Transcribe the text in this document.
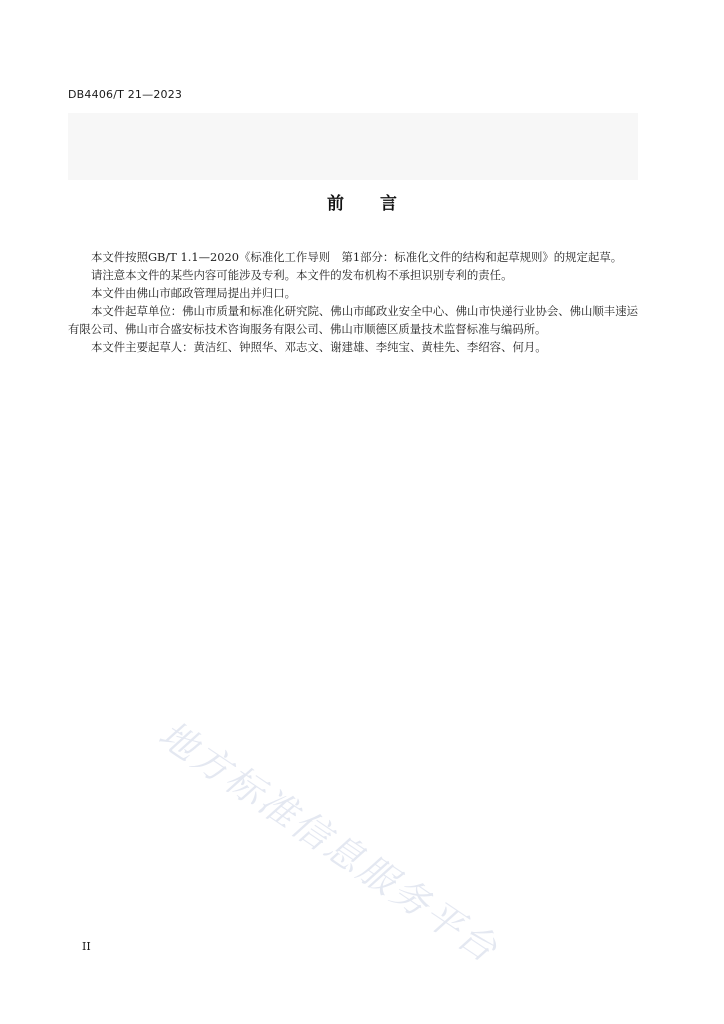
DB4406/T 21—2023
前 言

本文件按照GB/T 1.1—2020《标准化工作导则　第1部分：标准化文件的结构和起草规则》的规定起草。

请注意本文件的某些内容可能涉及专利。本文件的发布机构不承担识别专利的责任。

本文件由佛山市邮政管理局提出并归口。

本文件起草单位：佛山市质量和标准化研究院、佛山市邮政业安全中心、佛山市快递行业协会、佛山顺丰速运有限公司、佛山市合盛安标技术咨询服务有限公司、佛山市顺德区质量技术监督标准与编码所。

本文件主要起草人：黄洁红、钟照华、邓志文、谢建雄、李纯宝、黄桂先、李绍容、何月。

地方标准信息服务平台
II
